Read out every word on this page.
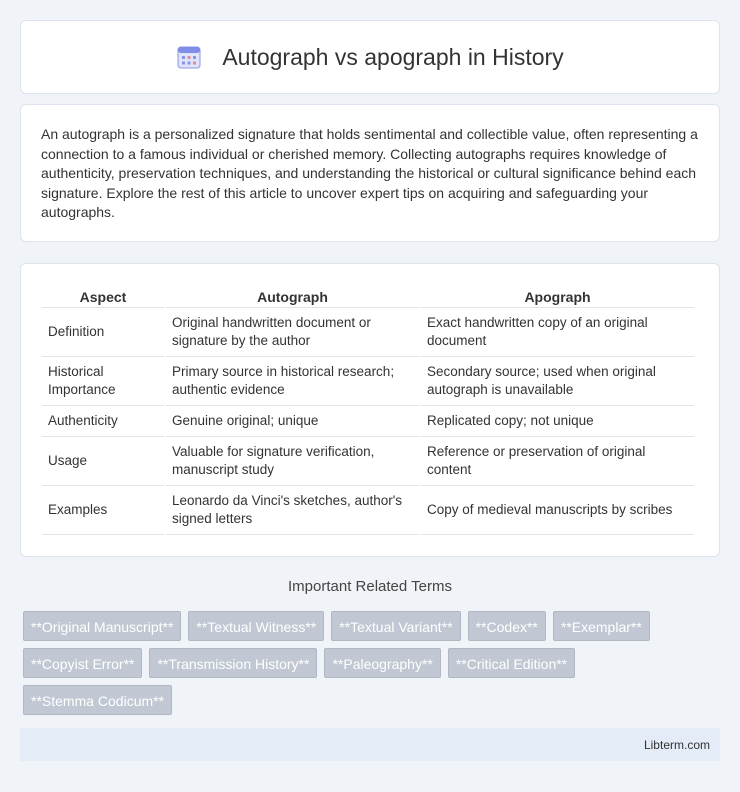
Autograph vs apograph in History

An autograph is a personalized signature that holds sentimental and collectible value, often representing a connection to a famous individual or cherished memory. Collecting autographs requires knowledge of authenticity, preservation techniques, and understanding the historical or cultural significance behind each signature. Explore the rest of this article to uncover expert tips on acquiring and safeguarding your autographs.

Aspect	Autograph	Apograph
Definition	Original handwritten document or signature by the author	Exact handwritten copy of an original document
Historical Importance	Primary source in historical research; authentic evidence	Secondary source; used when original autograph is unavailable
Authenticity	Genuine original; unique	Replicated copy; not unique
Usage	Valuable for signature verification, manuscript study	Reference or preservation of original content
Examples	Leonardo da Vinci's sketches, author's signed letters	Copy of medieval manuscripts by scribes
Important Related Terms
**Original Manuscript**	**Textual Witness**	**Textual Variant**	**Codex**	**Exemplar**
**Copyist Error**	**Transmission History**	**Paleography**	**Critical Edition**
**Stemma Codicum**
Libterm.com
